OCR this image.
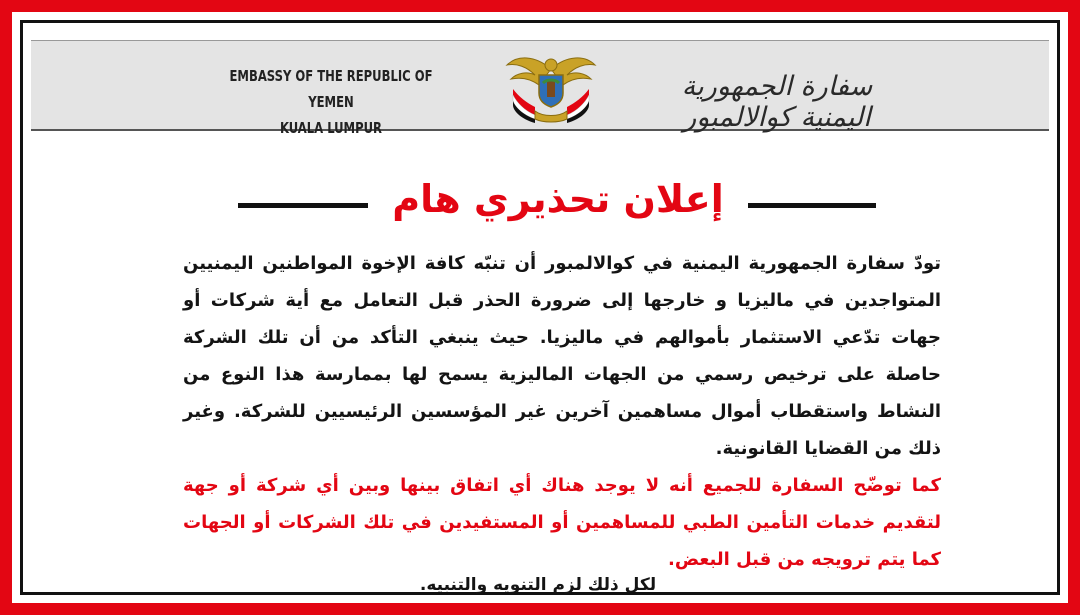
EMBASSY OF THE REPUBLIC OF YEMEN
KUALA LUMPUR
سفارة الجمهورية اليمنية كوالالمبور
إعلان تحذيري هام

تودّ سفارة الجمهورية اليمنية في كوالالمبور أن تنبّه كافة الإخوة المواطنين اليمنيين المتواجدين في ماليزيا و خارجها إلى ضرورة الحذر قبل التعامل مع أية شركات أو جهات تدّعي الاستثمار بأموالهم في ماليزيا. حيث ينبغي التأكد من أن تلك الشركة حاصلة على ترخيص رسمي من الجهات الماليزية يسمح لها بممارسة هذا النوع من النشاط واستقطاب أموال مساهمين آخرين غير المؤسسين الرئيسيين للشركة. وغير ذلك من القضايا القانونية.

كما توضّح السفارة للجميع أنه لا يوجد هناك أي اتفاق بينها وبين أي شركة أو جهة لتقديم خدمات التأمين الطبي للمساهمين أو المستفيدين في تلك الشركات أو الجهات كما يتم ترويجه من قبل البعض.

لكل ذلك لزم التنويه والتنبيه.
